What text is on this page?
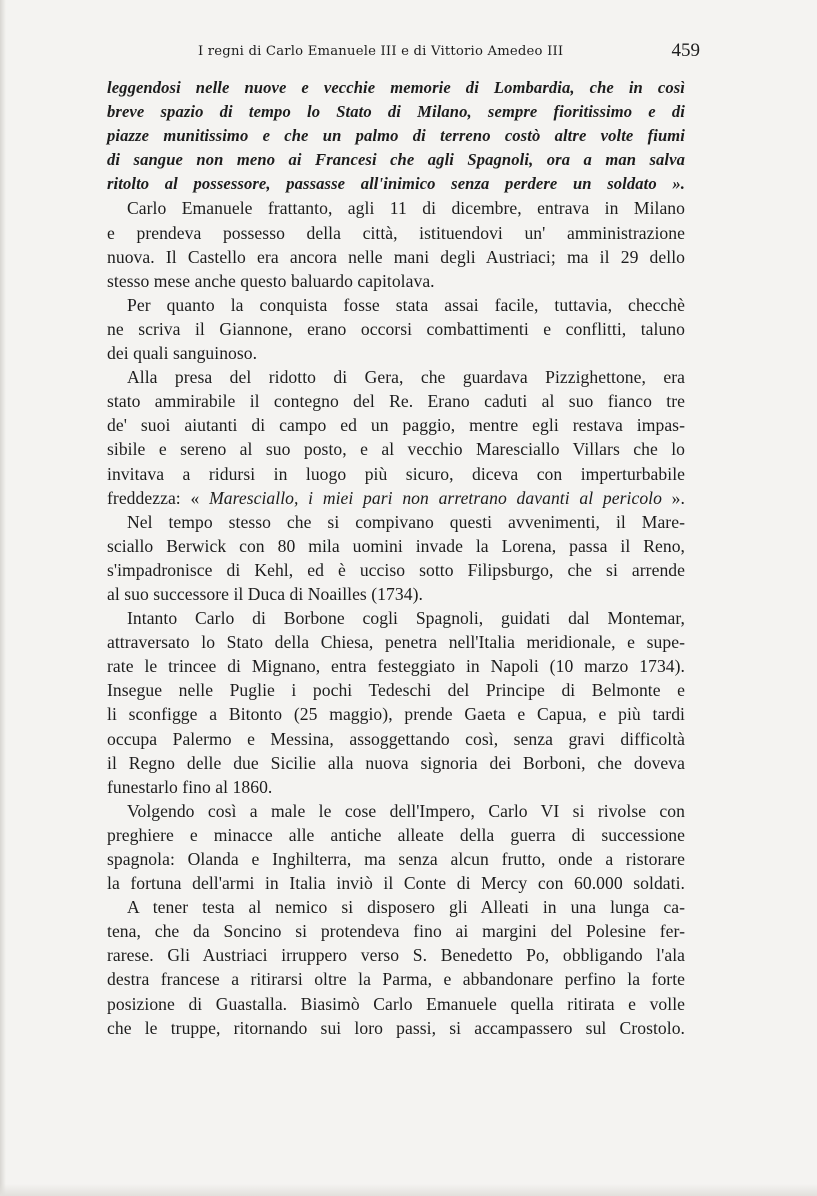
I regni di Carlo Emanuele III e di Vittorio Amedeo III	459
leggendosi nelle nuove e vecchie memorie di Lombardia, che in così
breve spazio di tempo lo Stato di Milano, sempre fioritissimo e di
piazze munitissimo e che un palmo di terreno costò altre volte fiumi
di sangue non meno ai Francesi che agli Spagnoli, ora a man salva
ritolto al possessore, passasse all'inimico senza perdere un soldato ».
Carlo Emanuele frattanto, agli 11 di dicembre, entrava in Milano
e prendeva possesso della città, istituendovi un' amministrazione
nuova. Il Castello era ancora nelle mani degli Austriaci; ma il 29 dello
stesso mese anche questo baluardo capitolava.
Per quanto la conquista fosse stata assai facile, tuttavia, checchè
ne scriva il Giannone, erano occorsi combattimenti e conflitti, taluno
dei quali sanguinoso.
Alla presa del ridotto di Gera, che guardava Pizzighettone, era
stato ammirabile il contegno del Re. Erano caduti al suo fianco tre
de' suoi aiutanti di campo ed un paggio, mentre egli restava impas-
sibile e sereno al suo posto, e al vecchio Maresciallo Villars che lo
invitava a ridursi in luogo più sicuro, diceva con imperturbabile
freddezza: « Maresciallo, i miei pari non arretrano davanti al pericolo ».
Nel tempo stesso che si compivano questi avvenimenti, il Mare-
sciallo Berwick con 80 mila uomini invade la Lorena, passa il Reno,
s'impadronisce di Kehl, ed è ucciso sotto Filipsburgo, che si arrende
al suo successore il Duca di Noailles (1734).
Intanto Carlo di Borbone cogli Spagnoli, guidati dal Montemar,
attraversato lo Stato della Chiesa, penetra nell'Italia meridionale, e supe-
rate le trincee di Mignano, entra festeggiato in Napoli (10 marzo 1734).
Insegue nelle Puglie i pochi Tedeschi del Principe di Belmonte e
li sconfigge a Bitonto (25 maggio), prende Gaeta e Capua, e più tardi
occupa Palermo e Messina, assoggettando così, senza gravi difficoltà
il Regno delle due Sicilie alla nuova signoria dei Borboni, che doveva
funestarlo fino al 1860.
Volgendo così a male le cose dell'Impero, Carlo VI si rivolse con
preghiere e minacce alle antiche alleate della guerra di successione
spagnola: Olanda e Inghilterra, ma senza alcun frutto, onde a ristorare
la fortuna dell'armi in Italia inviò il Conte di Mercy con 60.000 soldati.
A tener testa al nemico si disposero gli Alleati in una lunga ca-
tena, che da Soncino si protendeva fino ai margini del Polesine fer-
rarese. Gli Austriaci irruppero verso S. Benedetto Po, obbligando l'ala
destra francese a ritirarsi oltre la Parma, e abbandonare perfino la forte
posizione di Guastalla. Biasimò Carlo Emanuele quella ritirata e volle
che le truppe, ritornando sui loro passi, si accampassero sul Crostolo.
